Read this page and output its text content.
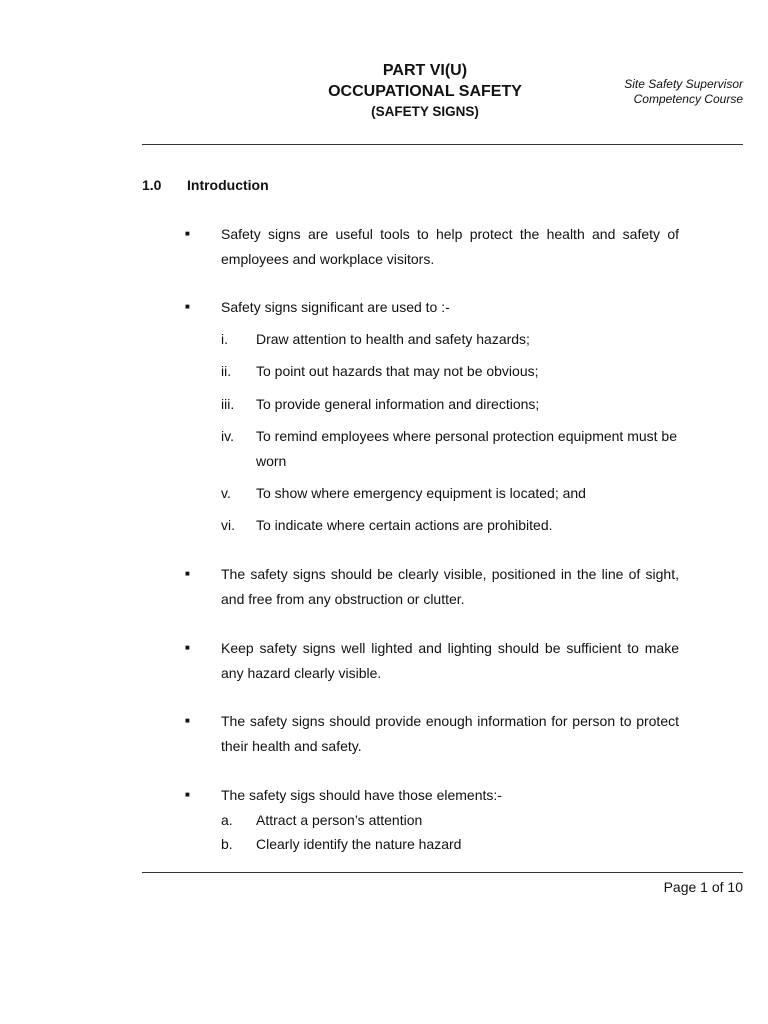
PART VI(U)
OCCUPATIONAL SAFETY
(SAFETY SIGNS)
Site Safety Supervisor
Competency Course
1.0 Introduction
■ Safety signs are useful tools to help protect the health and safety of employees and workplace visitors.
■ Safety signs significant are used to :-
i. Draw attention to health and safety hazards;
ii. To point out hazards that may not be obvious;
iii. To provide general information and directions;
iv. To remind employees where personal protection equipment must be worn
v. To show where emergency equipment is located; and
vi. To indicate where certain actions are prohibited.
■ The safety signs should be clearly visible, positioned in the line of sight, and free from any obstruction or clutter.
■ Keep safety signs well lighted and lighting should be sufficient to make any hazard clearly visible.
■ The safety signs should provide enough information for person to protect their health and safety.
■ The safety sigs should have those elements:-
a. Attract a person’s attention
b. Clearly identify the nature hazard
Page 1 of 10
